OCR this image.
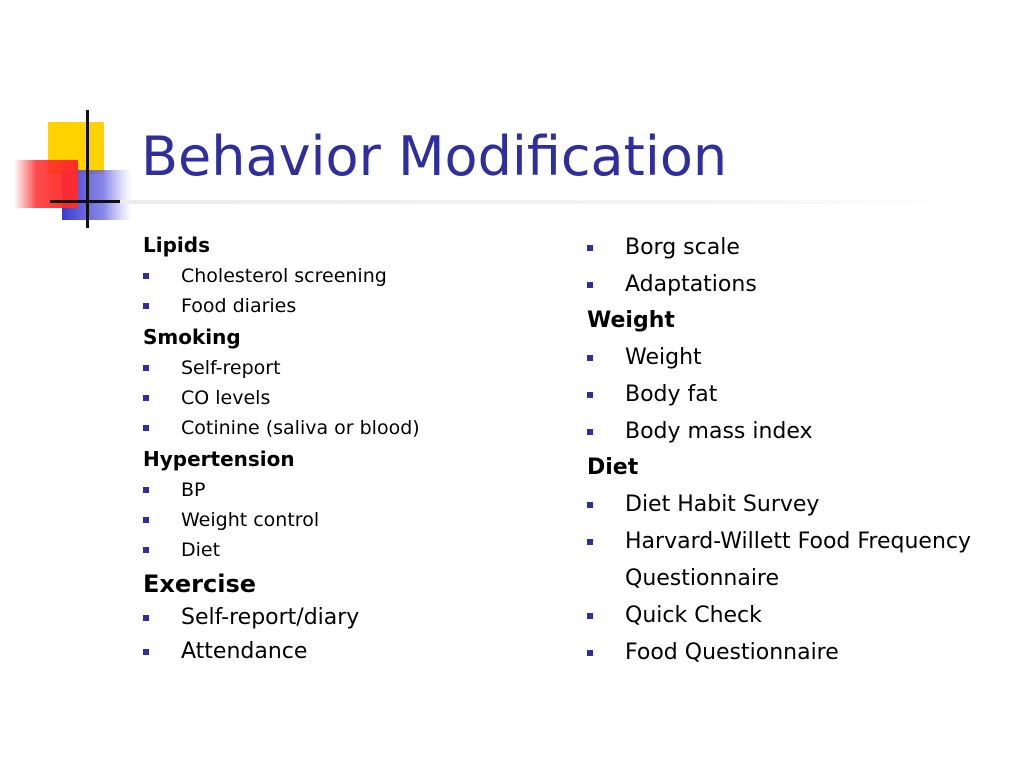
Behavior Modification

Lipids

Cholesterol screening
Food diaries

Smoking

Self-report
CO levels
Cotinine (saliva or blood)

Hypertension

BP
Weight control
Diet

Exercise

Self-report/diary
Attendance
Borg scale
Adaptations

Weight

Weight
Body fat
Body mass index

Diet

Diet Habit Survey
Harvard-Willett Food Frequency Questionnaire
Quick Check
Food Questionnaire
